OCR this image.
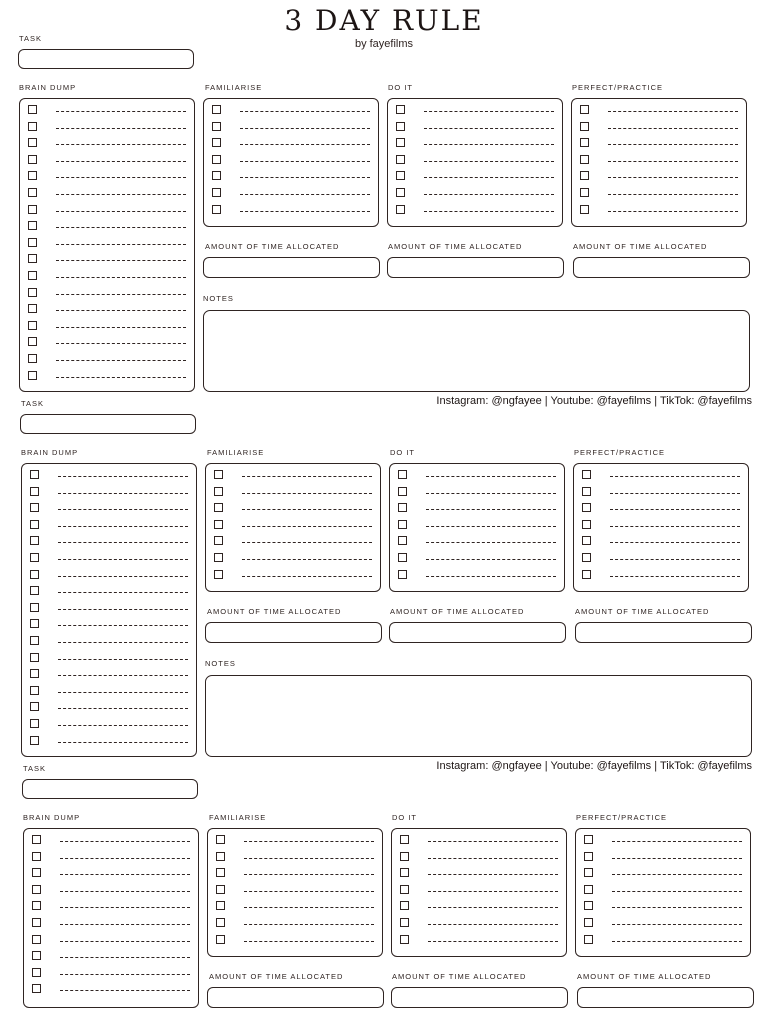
3 DAY RULE
by fayefilms
TASK
BRAIN DUMP	FAMILIARISE	DO IT	PERFECT/PRACTICE
AMOUNT OF TIME ALLOCATED	AMOUNT OF TIME ALLOCATED	AMOUNT OF TIME ALLOCATED
NOTES
Instagram: @ngfayee | Youtube: @fayefilms | TikTok: @fayefilms
TASK
BRAIN DUMP	FAMILIARISE	DO IT	PERFECT/PRACTICE
AMOUNT OF TIME ALLOCATED	AMOUNT OF TIME ALLOCATED	AMOUNT OF TIME ALLOCATED
NOTES
Instagram: @ngfayee | Youtube: @fayefilms | TikTok: @fayefilms
TASK
BRAIN DUMP	FAMILIARISE	DO IT	PERFECT/PRACTICE
AMOUNT OF TIME ALLOCATED	AMOUNT OF TIME ALLOCATED	AMOUNT OF TIME ALLOCATED
